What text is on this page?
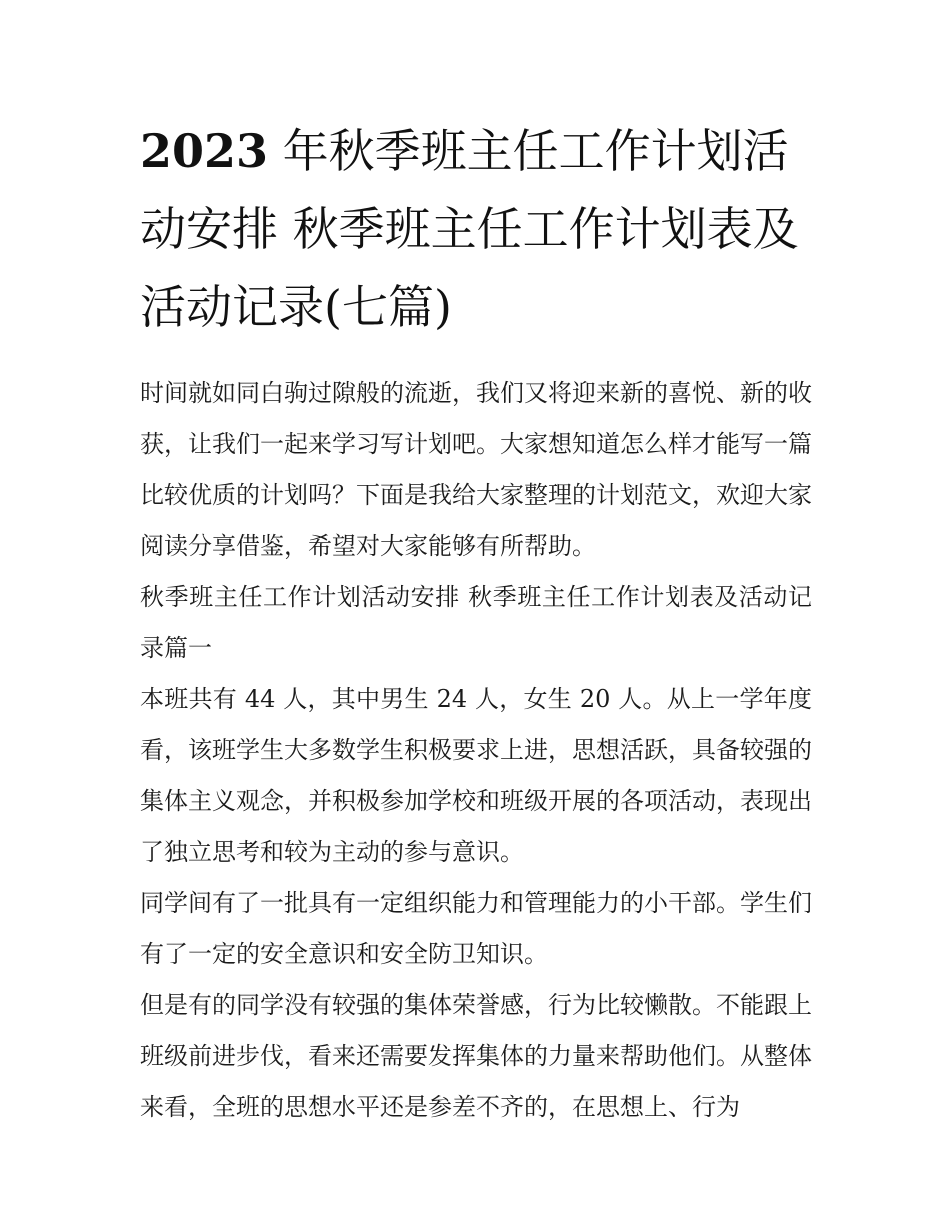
2023 年秋季班主任工作计划活动安排 秋季班主任工作计划表及活动记录(七篇)

时间就如同白驹过隙般的流逝，我们又将迎来新的喜悦、新的收获，让我们一起来学习写计划吧。大家想知道怎么样才能写一篇比较优质的计划吗？下面是我给大家整理的计划范文，欢迎大家阅读分享借鉴，希望对大家能够有所帮助。

秋季班主任工作计划活动安排 秋季班主任工作计划表及活动记录篇一

本班共有 44 人，其中男生 24 人，女生 20 人。从上一学年度看，该班学生大多数学生积极要求上进，思想活跃，具备较强的集体主义观念，并积极参加学校和班级开展的各项活动，表现出了独立思考和较为主动的参与意识。

同学间有了一批具有一定组织能力和管理能力的小干部。学生们有了一定的安全意识和安全防卫知识。

但是有的同学没有较强的集体荣誉感，行为比较懒散。不能跟上班级前进步伐，看来还需要发挥集体的力量来帮助他们。从整体来看，全班的思想水平还是参差不齐的，在思想上、行为
